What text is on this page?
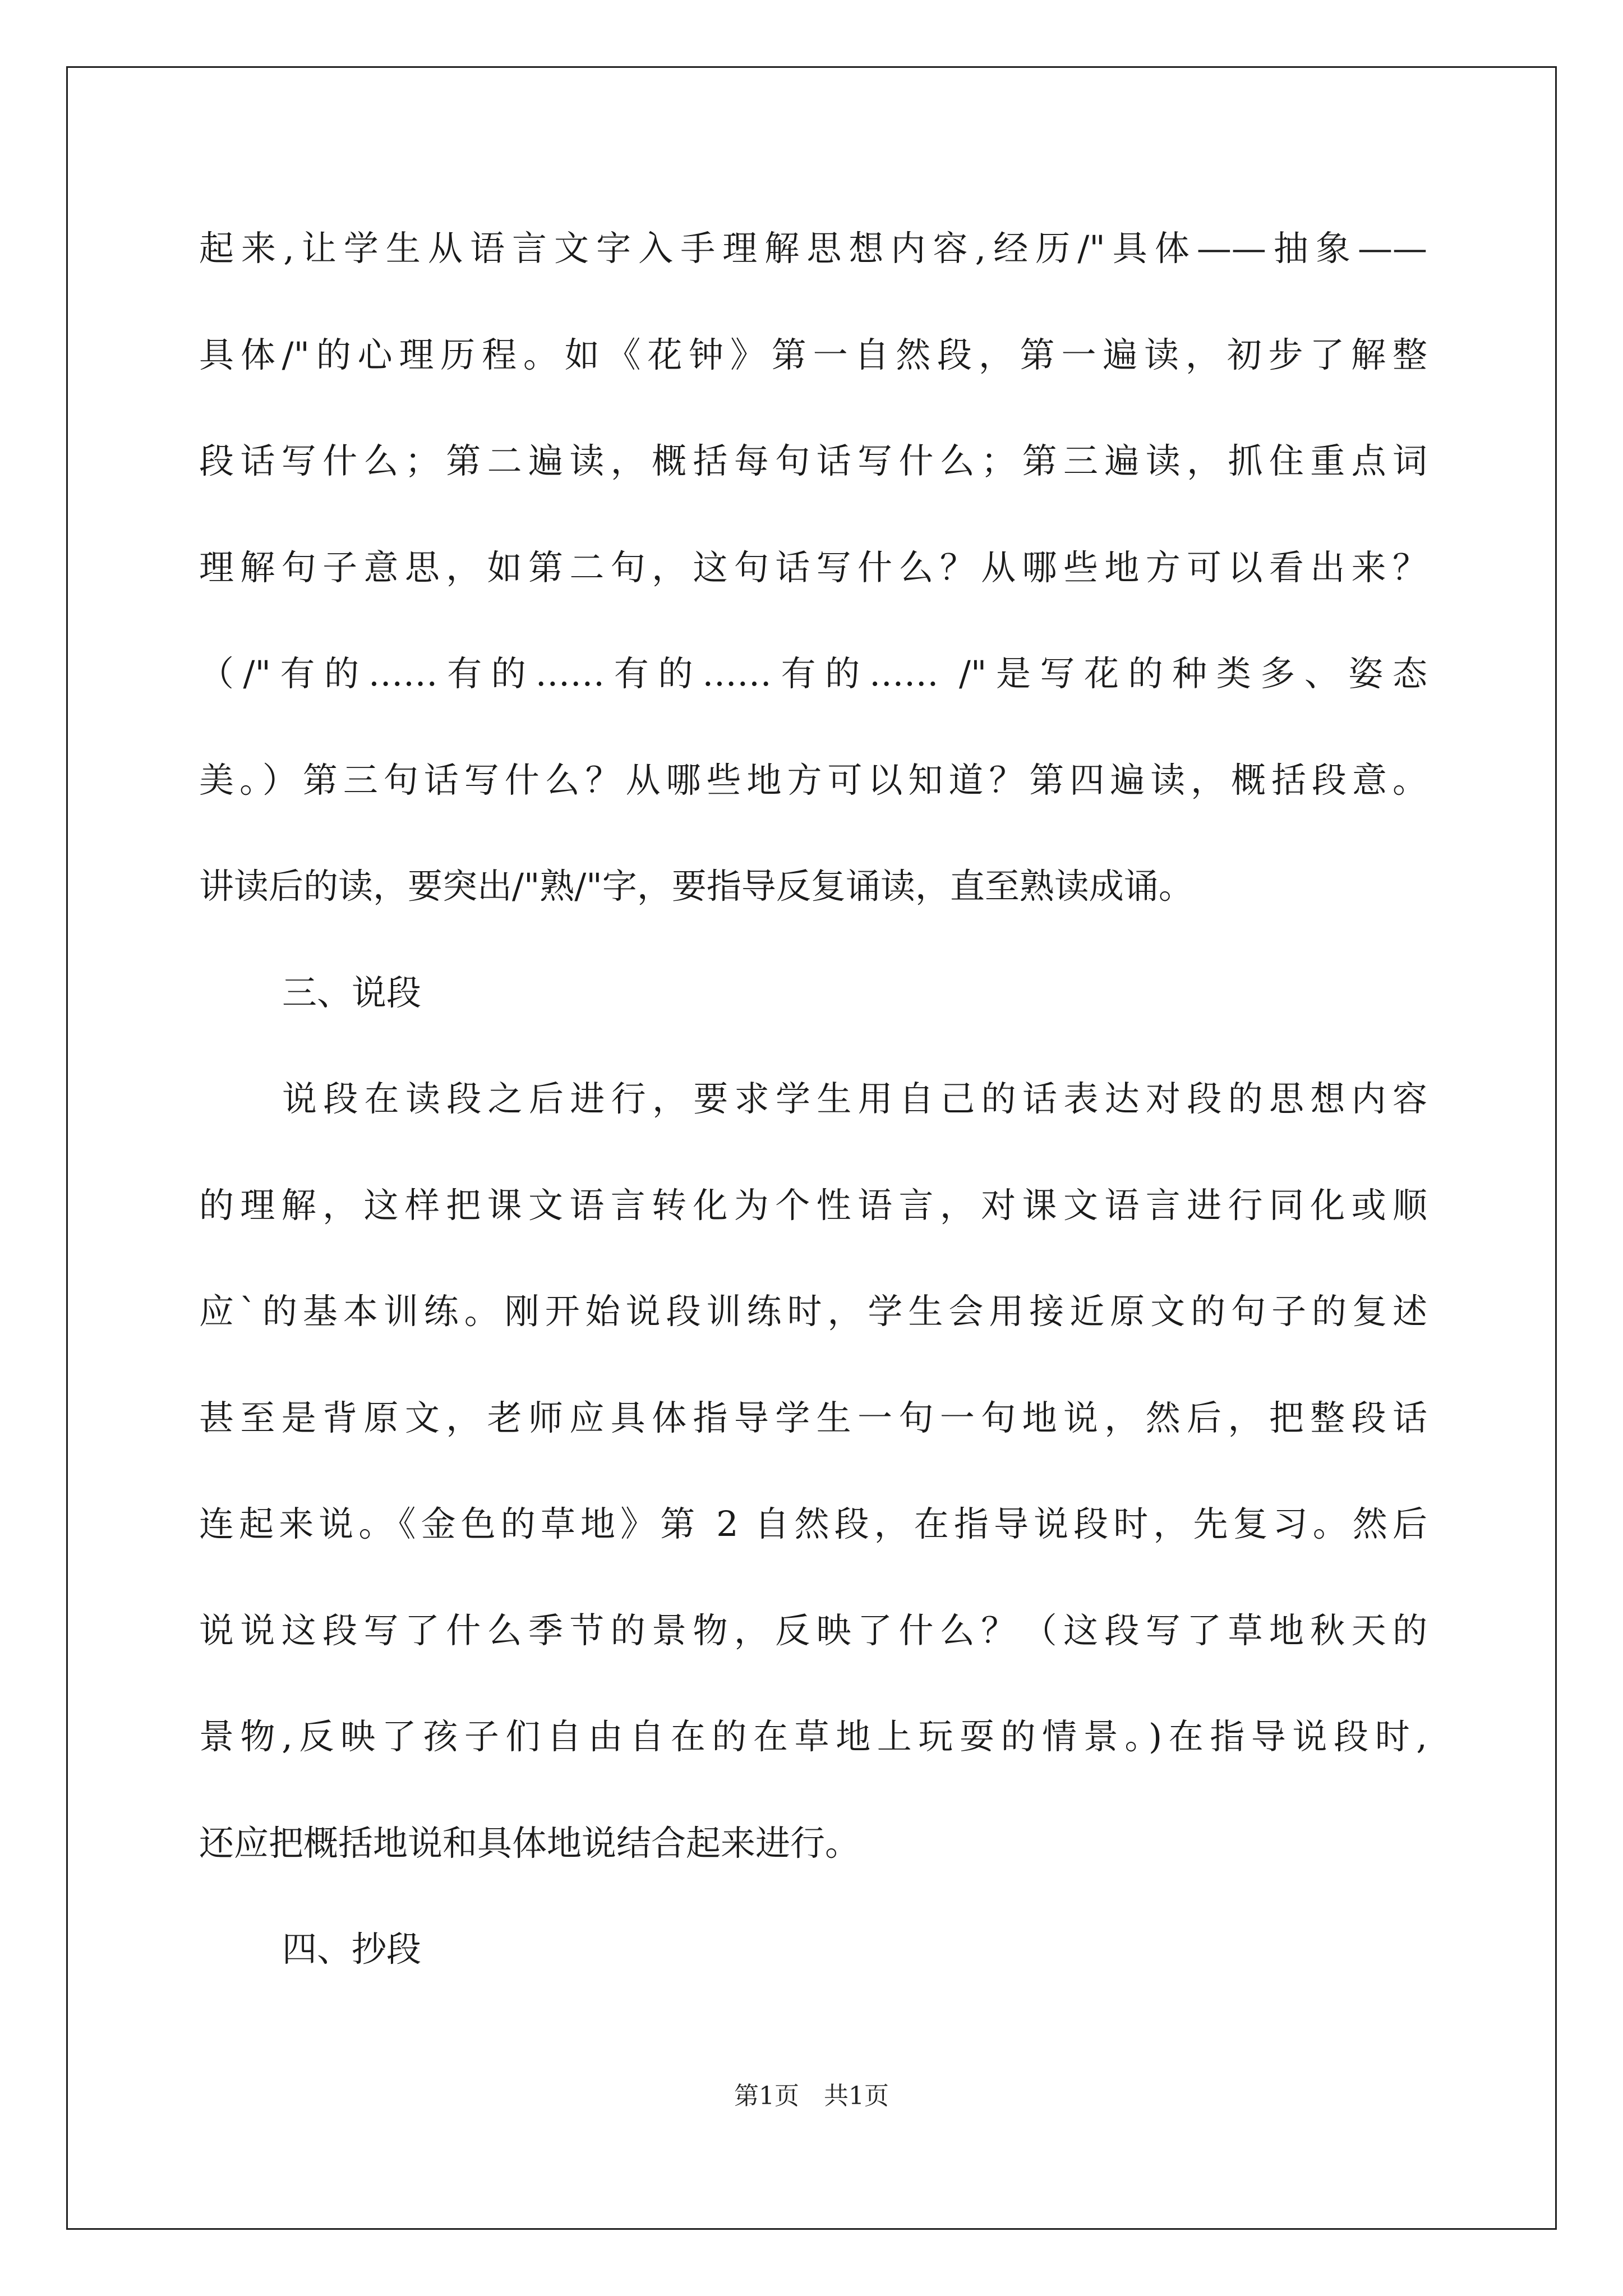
起来,让学生从语言文字入手理解思想内容,经历/"具体——抽象——
具体/"的心理历程。如《花钟》第一自然段，第一遍读，初步了解整
段话写什么；第二遍读，概括每句话写什么；第三遍读，抓住重点词
理解句子意思，如第二句，这句话写什么？从哪些地方可以看出来？
（/"有的……有的……有的……有的…… /"是写花的种类多、姿态
美。）第三句话写什么？从哪些地方可以知道？第四遍读，概括段意。
讲读后的读，要突出/"熟/"字，要指导反复诵读，直至熟读成诵。
三、说段
说段在读段之后进行，要求学生用自己的话表达对段的思想内容
的理解，这样把课文语言转化为个性语言，对课文语言进行同化或顺
应`的基本训练。刚开始说段训练时，学生会用接近原文的句子的复述
甚至是背原文，老师应具体指导学生一句一句地说，然后，把整段话
连起来说。《金色的草地》第 2 自然段，在指导说段时，先复习。然后
说说这段写了什么季节的景物，反映了什么？（这段写了草地秋天的
景物,反映了孩子们自由自在的在草地上玩耍的情景。)在指导说段时,
还应把概括地说和具体地说结合起来进行。
四、抄段
第1页　共1页
